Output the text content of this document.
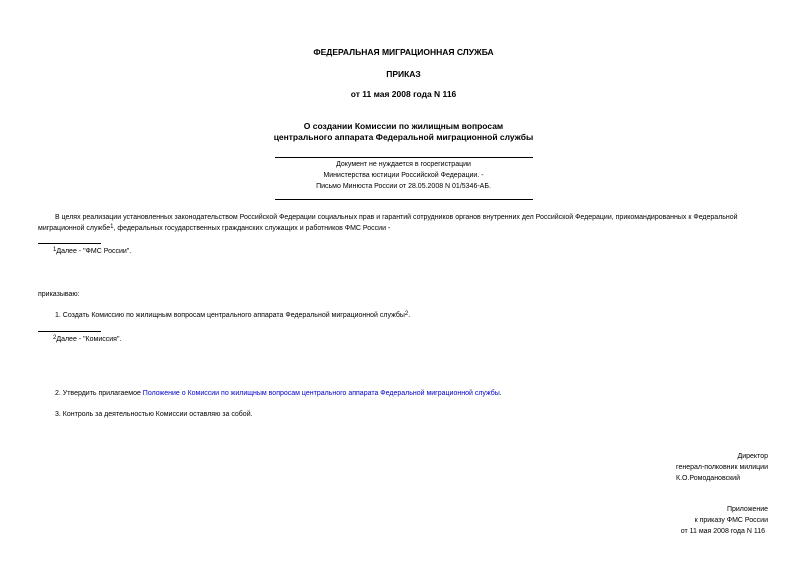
ФЕДЕРАЛЬНАЯ МИГРАЦИОННАЯ СЛУЖБА
ПРИКАЗ
от 11 мая 2008 года N 116
О создании Комиссии по жилищным вопросам
центрального аппарата Федеральной миграционной службы
Документ не нуждается в госрегистрации
Министерства юстиции Российской Федерации. -
Письмо Минюста России от 28.05.2008 N 01/5346-АБ.
В целях реализации установленных законодательством Российской Федерации социальных прав и гарантий сотрудников органов внутренних дел Российской Федерации, прикомандированных к Федеральной
миграционной службе1, федеральных государственных гражданских служащих и работников ФМС России -
1Далее - "ФМС России".
приказываю:
1. Создать Комиссию по жилищным вопросам центрального аппарата Федеральной миграционной службы2.
2Далее - "Комиссия".
2. Утвердить прилагаемое Положение о Комиссии по жилищным вопросам центрального аппарата Федеральной миграционной службы.
3. Контроль за деятельностью Комиссии оставляю за собой.
Директор
генерал-полковник милиции
К.О.Ромодановский
Приложение
к приказу ФМС России
от 11 мая 2008 года N 116
